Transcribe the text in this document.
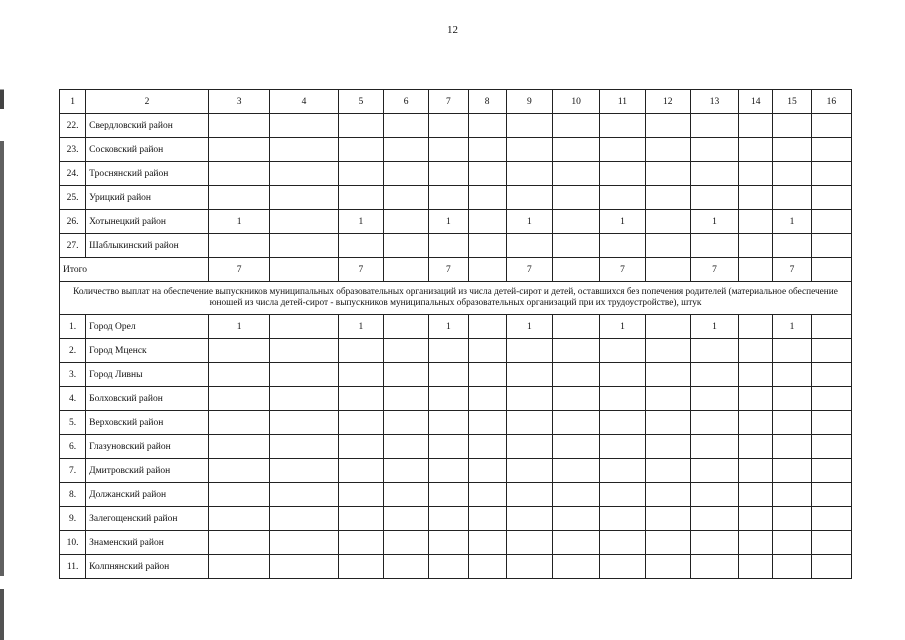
12
1	2	3	4	5	6	7	8	9	10	11	12	13	14	15	16
22.	Свердловский район														
23.	Сосковский район														
24.	Троснянский район														
25.	Урицкий район														
26.	Хотынецкий район	1		1		1		1		1		1		1	
27.	Шаблыкинский район														
Итого		7		7		7		7		7		7		7	
Количество выплат на обеспечение выпускников муниципальных образовательных организаций из числа детей-сирот и детей, оставшихся без попечения родителей (материальное обеспечение юношей из числа детей-сирот - выпускников муниципальных образовательных организаций при их трудоустройстве), штук															
1.	Город Орел	1		1		1		1		1		1		1	
2.	Город Мценск														
3.	Город Ливны														
4.	Болховский район														
5.	Верховский район														
6.	Глазуновский район														
7.	Дмитровский район														
8.	Должанский район														
9.	Залегощенский район														
10.	Знаменский район														
11.	Колпнянский район														
